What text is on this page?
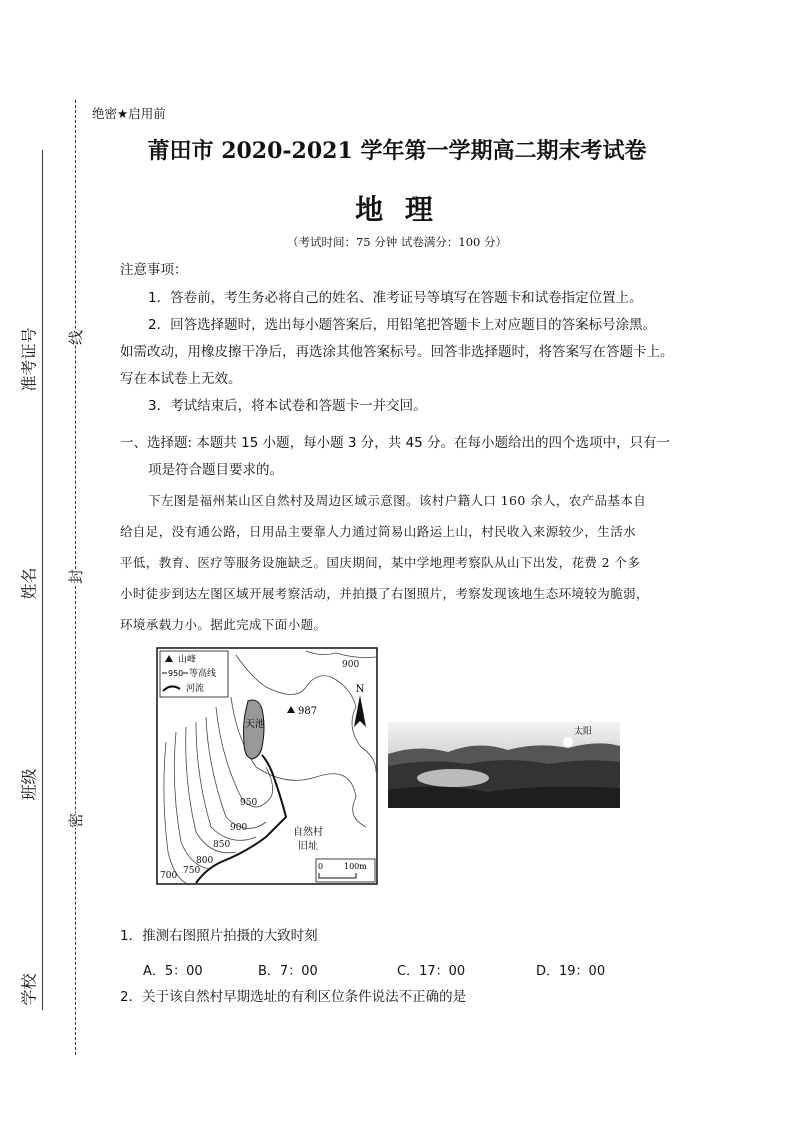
学校
班级
姓名
准考证号
密
封
线
绝密★启用前
莆田市 2020-2021 学年第一学期高二期末考试卷
地 理
（考试时间：75 分钟 试卷满分：100 分）
注意事项：
1．答卷前，考生务必将自己的姓名、准考证号等填写在答题卡和试卷指定位置上。
2．回答选择题时，选出每小题答案后，用铅笔把答题卡上对应题目的答案标号涂黑。
如需改动，用橡皮擦干净后，再选涂其他答案标号。回答非选择题时，将答案写在答题卡上。
写在本试卷上无效。
3．考试结束后，将本试卷和答题卡一并交回。
一、选择题: 本题共 15 小题，每小题 3 分，共 45 分。在每小题给出的四个选项中，只有一
项是符合题目要求的。
下左图是福州某山区自然村及周边区域示意图。该村户籍人口 160 余人，农产品基本自
给自足，没有通公路，日用品主要靠人力通过简易山路运上山，村民收入来源较少，生活水
平低，教育、医疗等服务设施缺乏。国庆期间，某中学地理考察队从山下出发，花费 2 个多
小时徒步到达左图区域开展考察活动，并拍摄了右图照片，考察发现该地生态环境较为脆弱，
环境承载力小。据此完成下面小题。
山峰
950 等高线
河流
天池
987
N
自然村
旧址
900
950
900
850
800
750
700
0	100m
太阳
1．推测右图照片拍摄的大致时刻
A．5：00	B．7：00	C．17：00	D．19：00
2．关于该自然村早期选址的有利区位条件说法不正确的是
